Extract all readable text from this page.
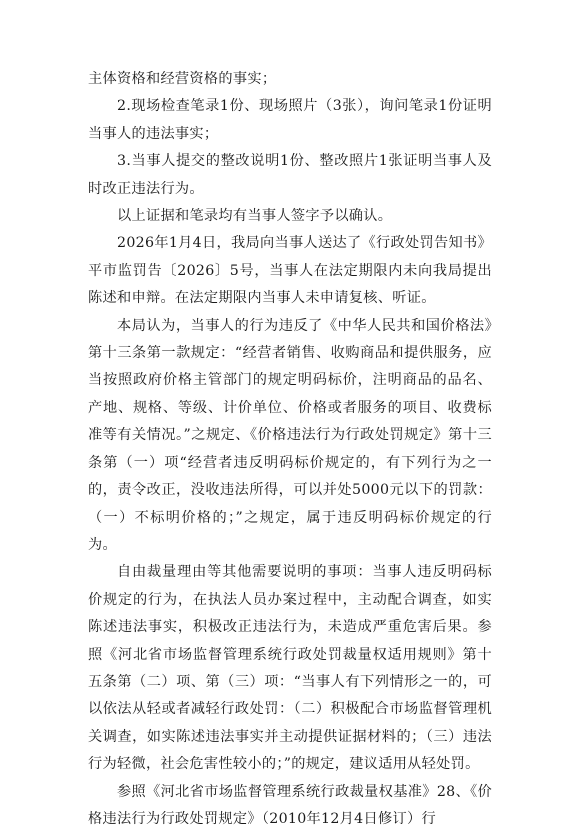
主体资格和经营资格的事实；

2.现场检查笔录1份、现场照片（3张），询问笔录1份证明当事人的违法事实；

3.当事人提交的整改说明1份、整改照片1张证明当事人及时改正违法行为。

以上证据和笔录均有当事人签字予以确认。

2026年1月4日，我局向当事人送达了《行政处罚告知书》平市监罚告〔2026〕5号，当事人在法定期限内未向我局提出陈述和申辩。在法定期限内当事人未申请复核、听证。

本局认为，当事人的行为违反了《中华人民共和国价格法》第十三条第一款规定：“经营者销售、收购商品和提供服务，应当按照政府价格主管部门的规定明码标价，注明商品的品名、产地、规格、等级、计价单位、价格或者服务的项目、收费标准等有关情况。”之规定、《价格违法行为行政处罚规定》第十三条第（一）项“经营者违反明码标价规定的，有下列行为之一的，责令改正，没收违法所得，可以并处5000元以下的罚款：（一）不标明价格的；”之规定，属于违反明码标价规定的行为。

自由裁量理由等其他需要说明的事项：当事人违反明码标价规定的行为，在执法人员办案过程中，主动配合调查，如实陈述违法事实，积极改正违法行为，未造成严重危害后果。参照《河北省市场监督管理系统行政处罚裁量权适用规则》第十五条第（二）项、第（三）项：“当事人有下列情形之一的，可以依法从轻或者减轻行政处罚：（二）积极配合市场监督管理机关调查，如实陈述违法事实并主动提供证据材料的；（三）违法行为轻微，社会危害性较小的；”的规定，建议适用从轻处罚。

参照《河北省市场监督管理系统行政裁量权基准》28、《价格违法行为行政处罚规定》（2010年12月4日修订）行
